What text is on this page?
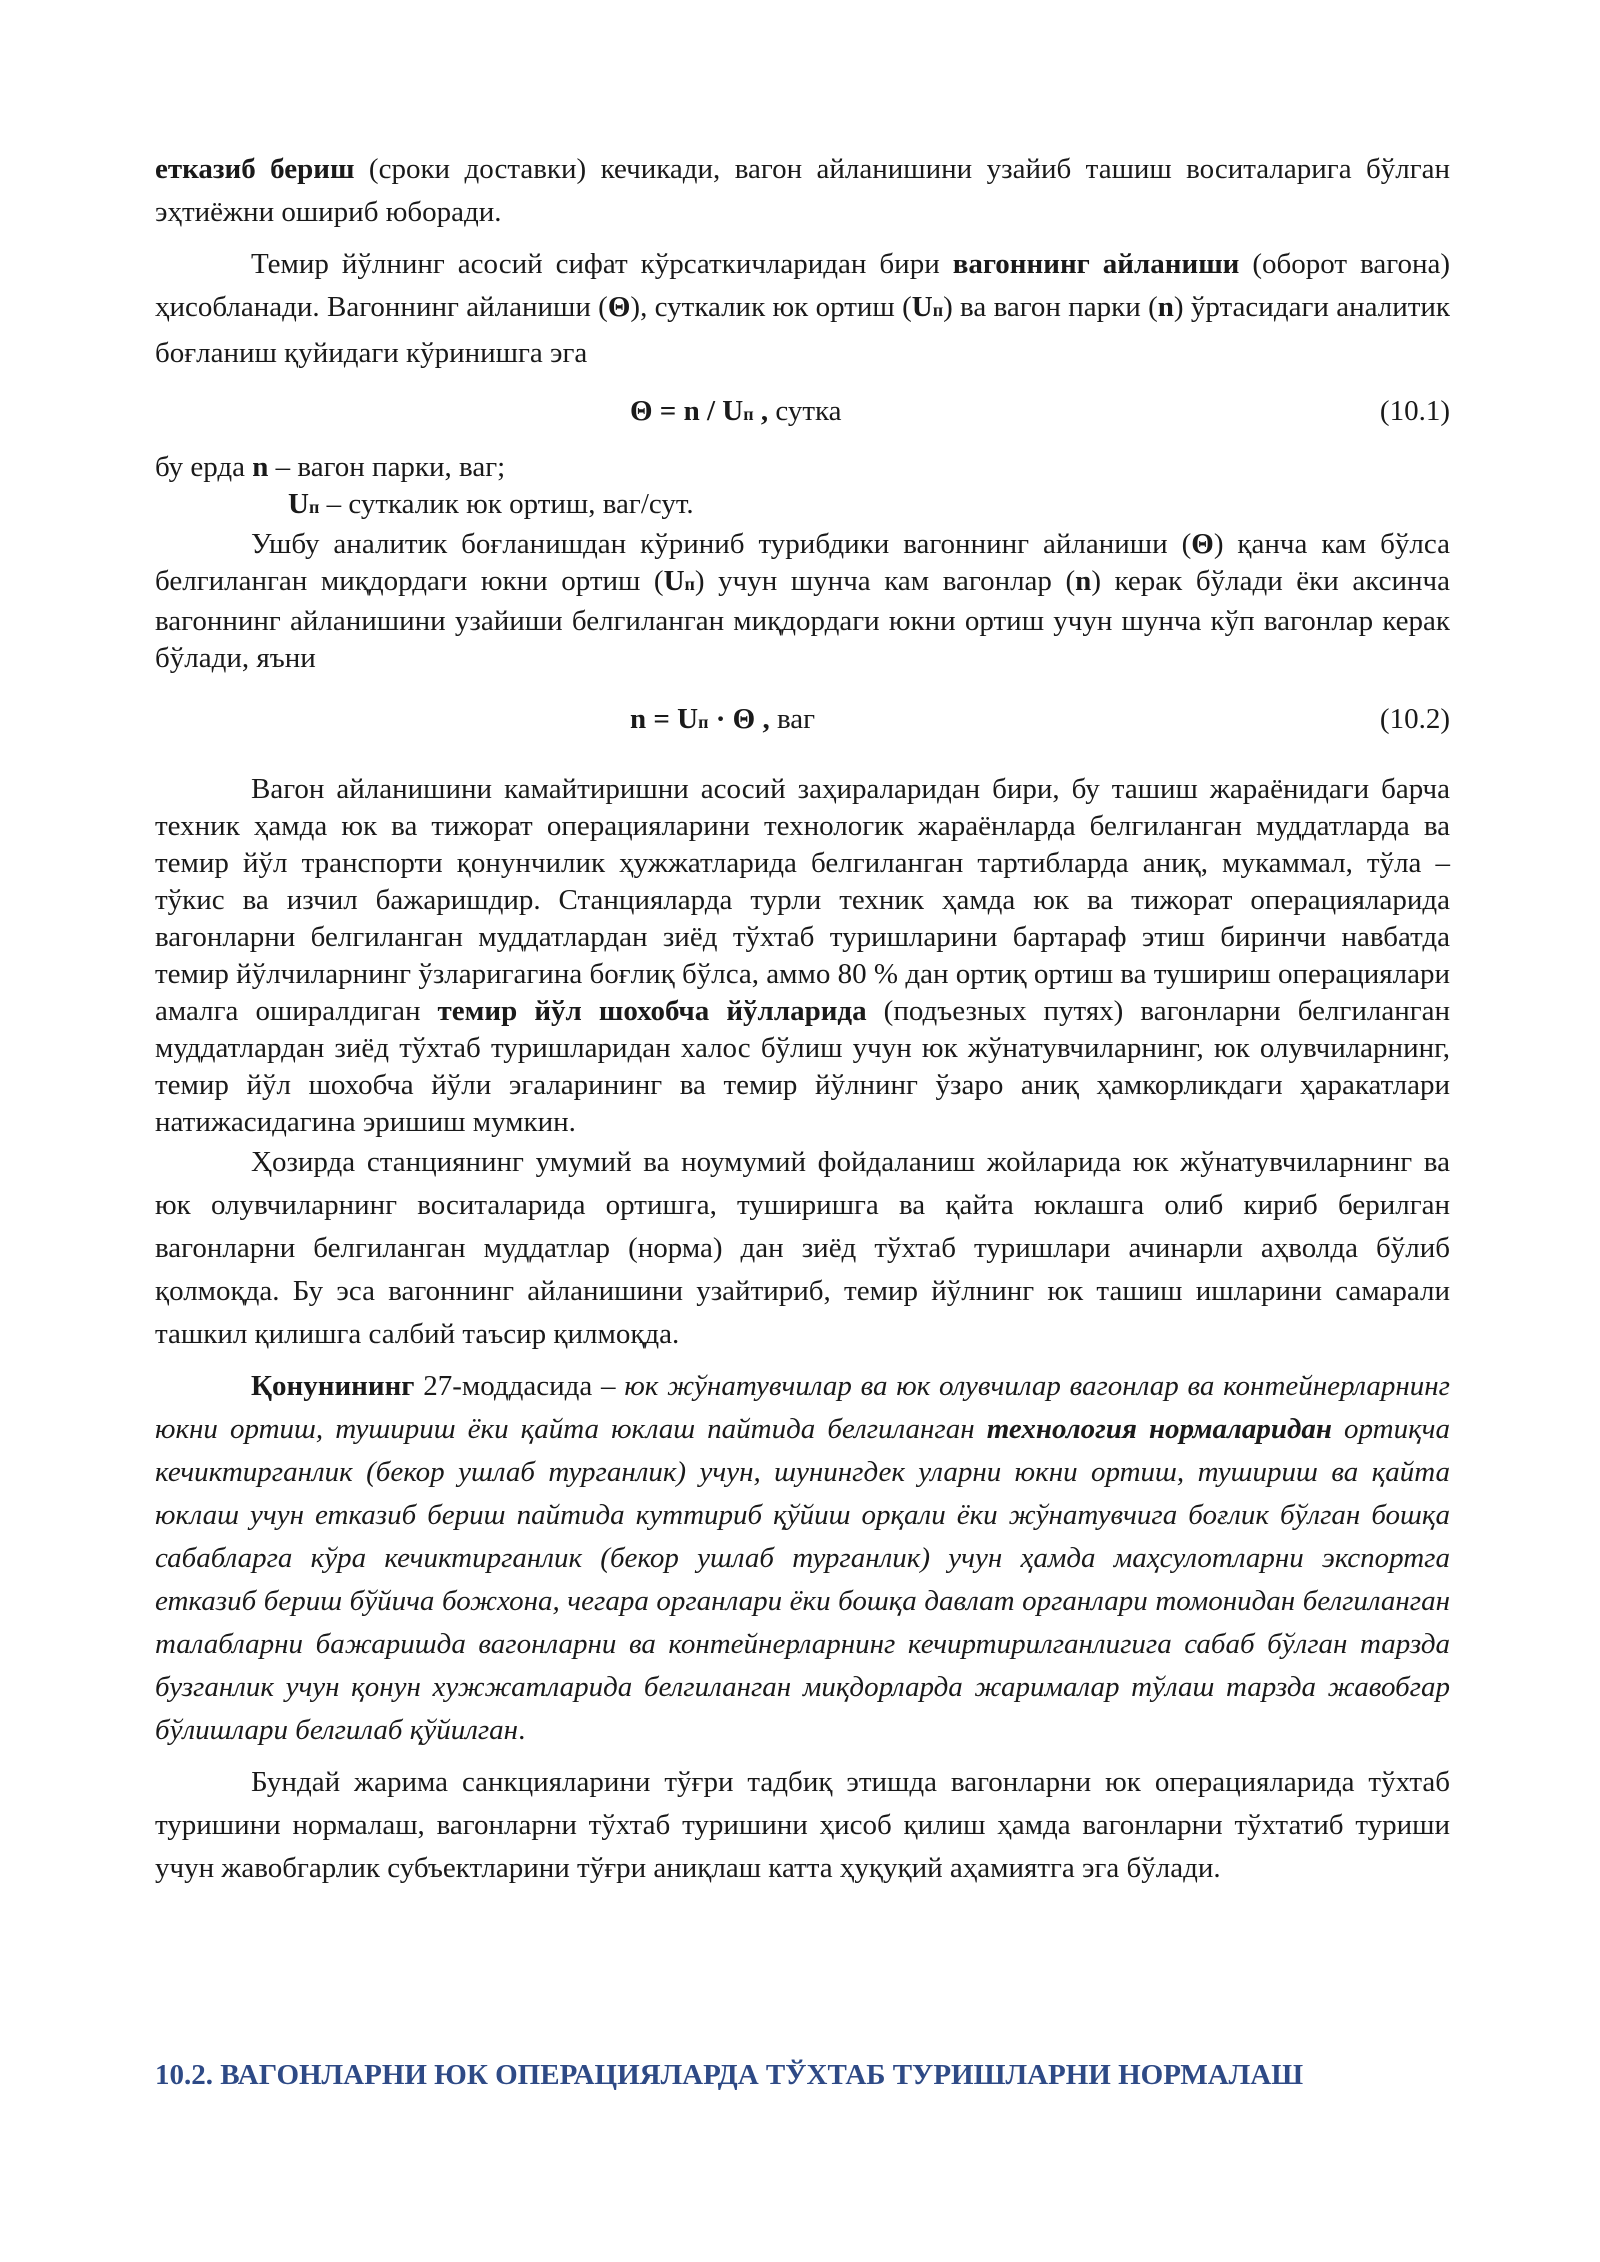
етказиб бериш (сроки доставки) кечикади, вагон айланишини узайиб ташиш воситаларига бўлган эҳтиёжни ошириб юборади.

Темир йўлнинг асосий сифат кўрсаткичларидан бири вагоннинг айланиши (оборот вагона) ҳисобланади. Вагоннинг айланиши (Θ), суткалик юк ортиш (Uп) ва вагон парки (n) ўртасидаги аналитик боғланиш қуйидаги кўринишга эга

Θ = n / Uп , сутка	(10.1)

бу ерда n – вагон парки, ваг;

Uп – суткалик юк ортиш, ваг/сут.

Ушбу аналитик боғланишдан кўриниб турибдики вагоннинг айланиши (Θ) қанча кам бўлса белгиланган миқдордаги юкни ортиш (Uп) учун шунча кам вагонлар (n) керак бўлади ёки аксинча вагоннинг айланишини узайиши белгиланган миқдордаги юкни ортиш учун шунча кўп вагонлар керак бўлади, яъни

n = Uп · Θ , ваг	(10.2)

Вагон айланишини камайтиришни асосий заҳираларидан бири, бу ташиш жараёнидаги барча техник ҳамда юк ва тижорат операцияларини технологик жараёнларда белгиланган муддатларда ва темир йўл транспорти қонунчилик ҳужжатларида белгиланган тартибларда аниқ, мукаммал, тўла – тўкис ва изчил бажаришдир. Станцияларда турли техник ҳамда юк ва тижорат операцияларида вагонларни белгиланган муддатлардан зиёд тўхтаб туришларини бартараф этиш биринчи навбатда темир йўлчиларнинг ўзларигагина боғлиқ бўлса, аммо 80 % дан ортиқ ортиш ва тушириш операциялари амалга ошиpалдиган темир йўл шохобча йўлларида (подъезных путях) вагонларни белгиланган муддатлардан зиёд тўхтаб туришларидан халос бўлиш учун юк жўнатувчиларнинг, юк олувчиларнинг, темир йўл шохобча йўли эгаларининг ва темир йўлнинг ўзаро аниқ ҳамкорликдаги ҳаракатлари натижасидагина эришиш мумкин.

Ҳозирда станциянинг умумий ва ноумумий фойдаланиш жойларида юк жўнатувчиларнинг ва юк олувчиларнинг воситаларида ортишга, туширишга ва қайта юклашга олиб кириб берилган вагонларни белгиланган муддатлар (норма) дан зиёд тўхтаб туришлари ачинарли аҳволда бўлиб қолмоқда. Бу эса вагоннинг айланишини узайтириб, темир йўлнинг юк ташиш ишларини самарали ташкил қилишга салбий таъсир қилмоқда.

Қонунининг 27-моддасида – юк жўнатувчилар ва юк олувчилар вагонлар ва контейнерларнинг юкни ортиш, тушириш ёки қайта юклаш пайтида белгиланган технология нормаларидан ортиқча кечиктирганлик (бекор ушлаб турганлик) учун, шунингдек уларни юкни ортиш, тушириш ва қайта юклаш учун етказиб бериш пайтида куттириб қўйиш орқали ёки жўнатувчига боғлик бўлган бошқа сабабларга кўра кечиктирганлик (бекор ушлаб турганлик) учун ҳамда маҳсулотларни экспортга етказиб бериш бўйича божхона, чегара органлари ёки бошқа давлат органлари томонидан белгиланган талабларни бажаришда вагонларни ва контейнерларнинг кечиртирилганлигига сабаб бўлган тарзда бузганлик учун қонун хужжатларида белгиланган миқдорларда жарималар тўлаш тарзда жавобгар бўлишлари белгилаб қўйилган.

Бундай жарима санкцияларини тўғри тадбиқ этишда вагонларни юк операцияларида тўхтаб туришини нормалаш, вагонларни тўхтаб туришини ҳисоб қилиш ҳамда вагонларни тўхтатиб туриши учун жавобгарлик субъектларини тўғри аниқлаш катта ҳуқуқий аҳамиятга эга бўлади.

10.2. ВАГОНЛАРНИ ЮК ОПЕРАЦИЯЛАРДА ТЎХТАБ ТУРИШЛАРНИ НОРМАЛАШ
